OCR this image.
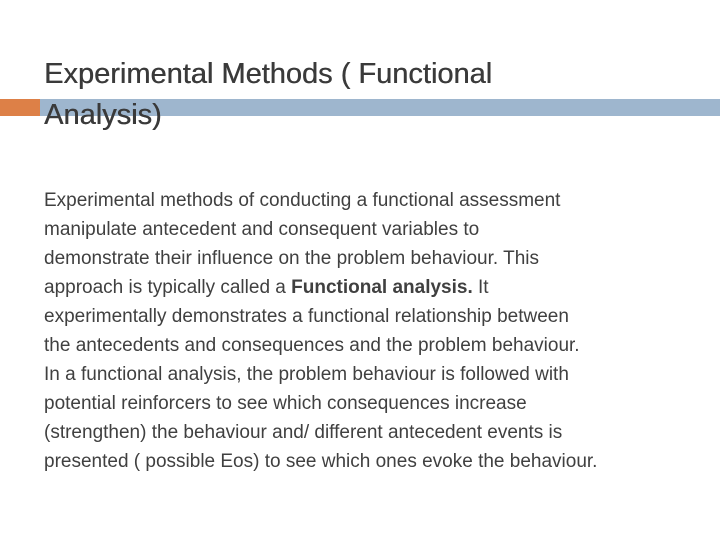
Experimental Methods ( Functional
Analysis)

Experimental methods of conducting a functional assessment
manipulate antecedent and consequent variables to
demonstrate their influence on the problem behaviour. This
approach is typically called a Functional analysis. It
experimentally demonstrates a functional relationship between
the antecedents and consequences and the problem behaviour.
In a functional analysis, the problem behaviour is followed with
potential reinforcers to see which consequences increase
(strengthen) the behaviour and/ different antecedent events is
presented ( possible Eos) to see which ones evoke the behaviour.
